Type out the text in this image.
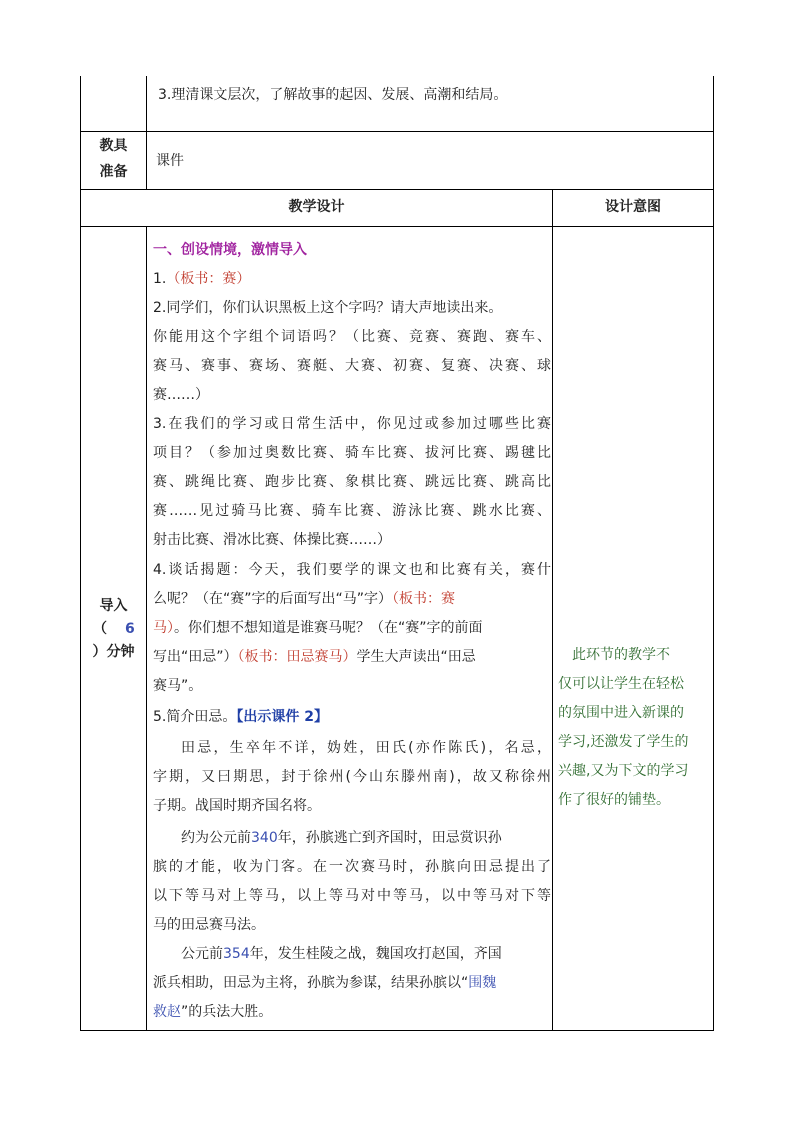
3.理清课文层次，了解故事的起因、发展、高潮和结局。
教具
准备
课件
教学设计	设计意图
导入
（ 6
）分钟
一、创设情境，激情导入
1.（板书：赛）
2.同学们，你们认识黑板上这个字吗？请大声地读出来。
你能用这个字组个词语吗？（比赛、竞赛、赛跑、赛车、
赛马、赛事、赛场、赛艇、大赛、初赛、复赛、决赛、球
赛……）
3.在我们的学习或日常生活中，你见过或参加过哪些比赛
项目？（参加过奥数比赛、骑车比赛、拔河比赛、踢毽比
赛、跳绳比赛、跑步比赛、象棋比赛、跳远比赛、跳高比
赛……见过骑马比赛、骑车比赛、游泳比赛、跳水比赛、
射击比赛、滑冰比赛、体操比赛……）
4.谈话揭题：今天，我们要学的课文也和比赛有关，赛什
么呢？（在“赛”字的后面写出“马”字）（板书：赛
马）。你们想不想知道是谁赛马呢？（在“赛”字的前面
写出“田忌”）（板书：田忌赛马）学生大声读出“田忌
赛马”。
5.简介田忌。【出示课件 2】
田忌，生卒年不详，妫姓，田氏(亦作陈氏)，名忌，
字期，又曰期思，封于徐州(今山东滕州南)，故又称徐州
子期。战国时期齐国名将。
约为公元前340年，孙膑逃亡到齐国时，田忌赏识孙
膑的才能，收为门客。在一次赛马时，孙膑向田忌提出了
以下等马对上等马，以上等马对中等马，以中等马对下等
马的田忌赛马法。
公元前354年，发生桂陵之战，魏国攻打赵国，齐国
派兵相助，田忌为主将，孙膑为参谋，结果孙膑以“围魏
救赵”的兵法大胜。
　此环节的教学不
仅可以让学生在轻松
的氛围中进入新课的
学习,还激发了学生的
兴趣,又为下文的学习
作了很好的铺垫。
